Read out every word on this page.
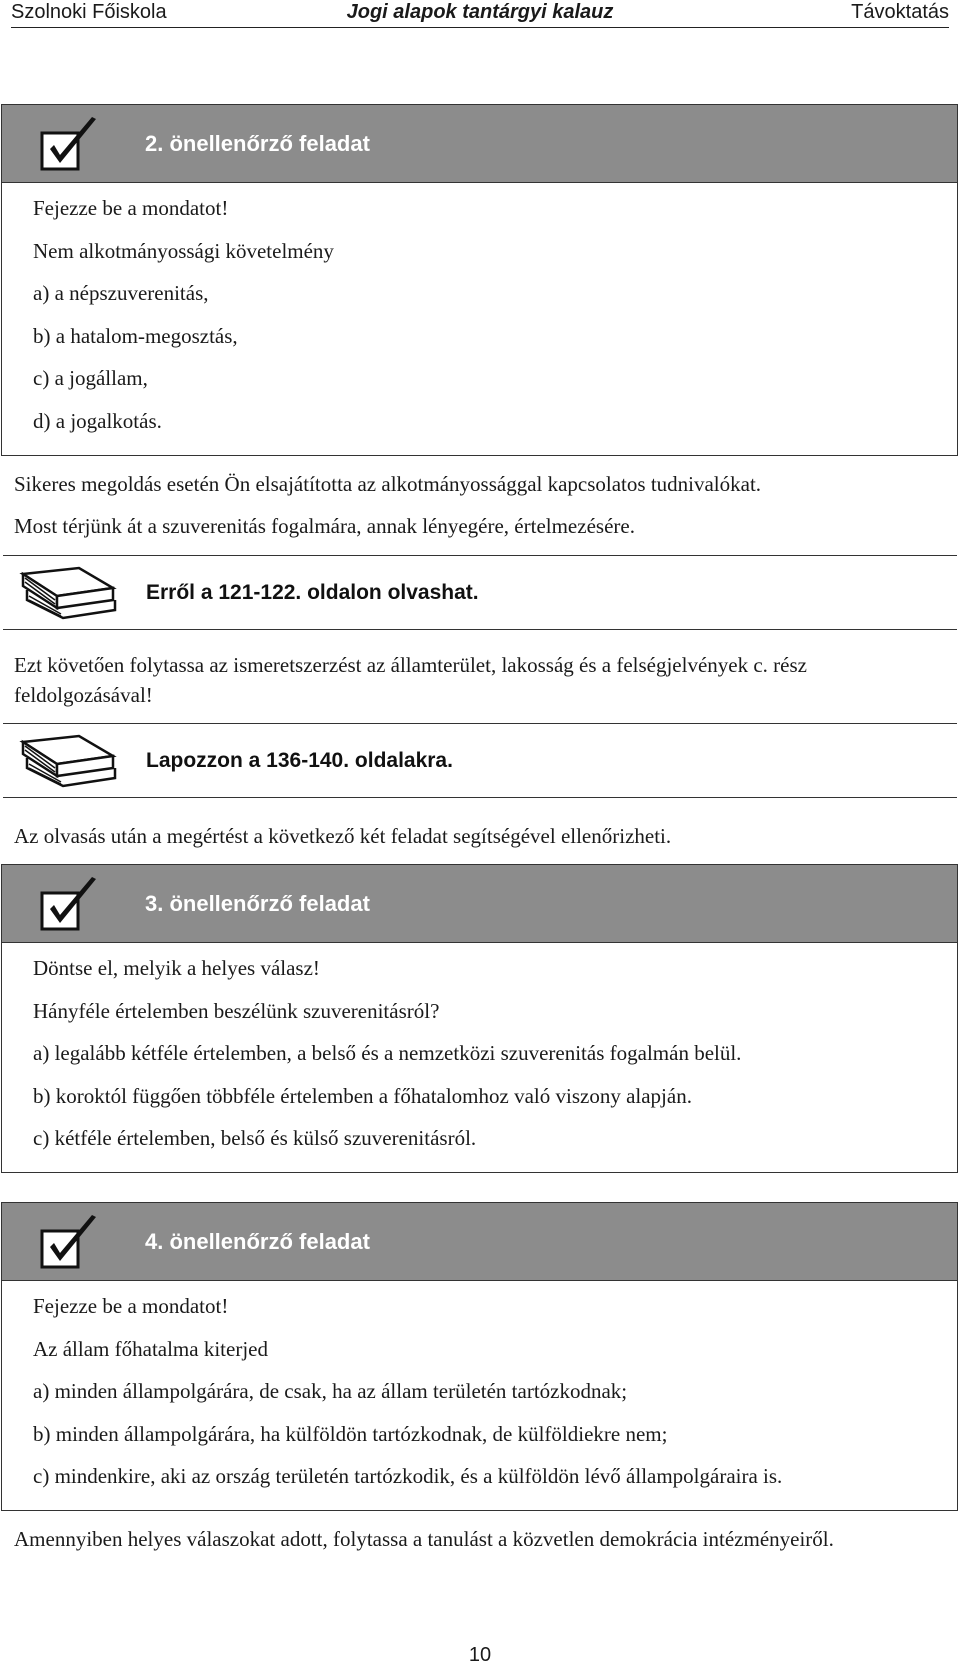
Szolnoki Főiskola	Jogi alapok tantárgyi kalauz	Távoktatás
2. önellenőrző feladat
Fejezze be a mondatot!
Nem alkotmányossági követelmény
a) a népszuverenitás,
b) a hatalom-megosztás,
c) a jogállam,
d) a jogalkotás.
Sikeres megoldás esetén Ön elsajátította az alkotmányossággal kapcsolatos tudnivalókat.
Most térjünk át a szuverenitás fogalmára, annak lényegére, értelmezésére.
Erről a 121-122. oldalon olvashat.
Ezt követően folytassa az ismeretszerzést az államterület, lakosság és a felségjelvények c. rész feldolgozásával!
Lapozzon a 136-140. oldalakra.
Az olvasás után a megértést a következő két feladat segítségével ellenőrizheti.
3. önellenőrző feladat
Döntse el, melyik a helyes válasz!
Hányféle értelemben beszélünk szuverenitásról?
a) legalább kétféle értelemben, a belső és a nemzetközi szuverenitás fogalmán belül.
b) koroktól függően többféle értelemben a főhatalomhoz való viszony alapján.
c) kétféle értelemben, belső és külső szuverenitásról.
4. önellenőrző feladat
Fejezze be a mondatot!
Az állam főhatalma kiterjed
a) minden állampolgárára, de csak, ha az állam területén tartózkodnak;
b) minden állampolgárára, ha külföldön tartózkodnak, de külföldiekre nem;
c) mindenkire, aki az ország területén tartózkodik, és a külföldön lévő állampolgáraira is.
Amennyiben helyes válaszokat adott, folytassa a tanulást a közvetlen demokrácia intézményeiről.
10
